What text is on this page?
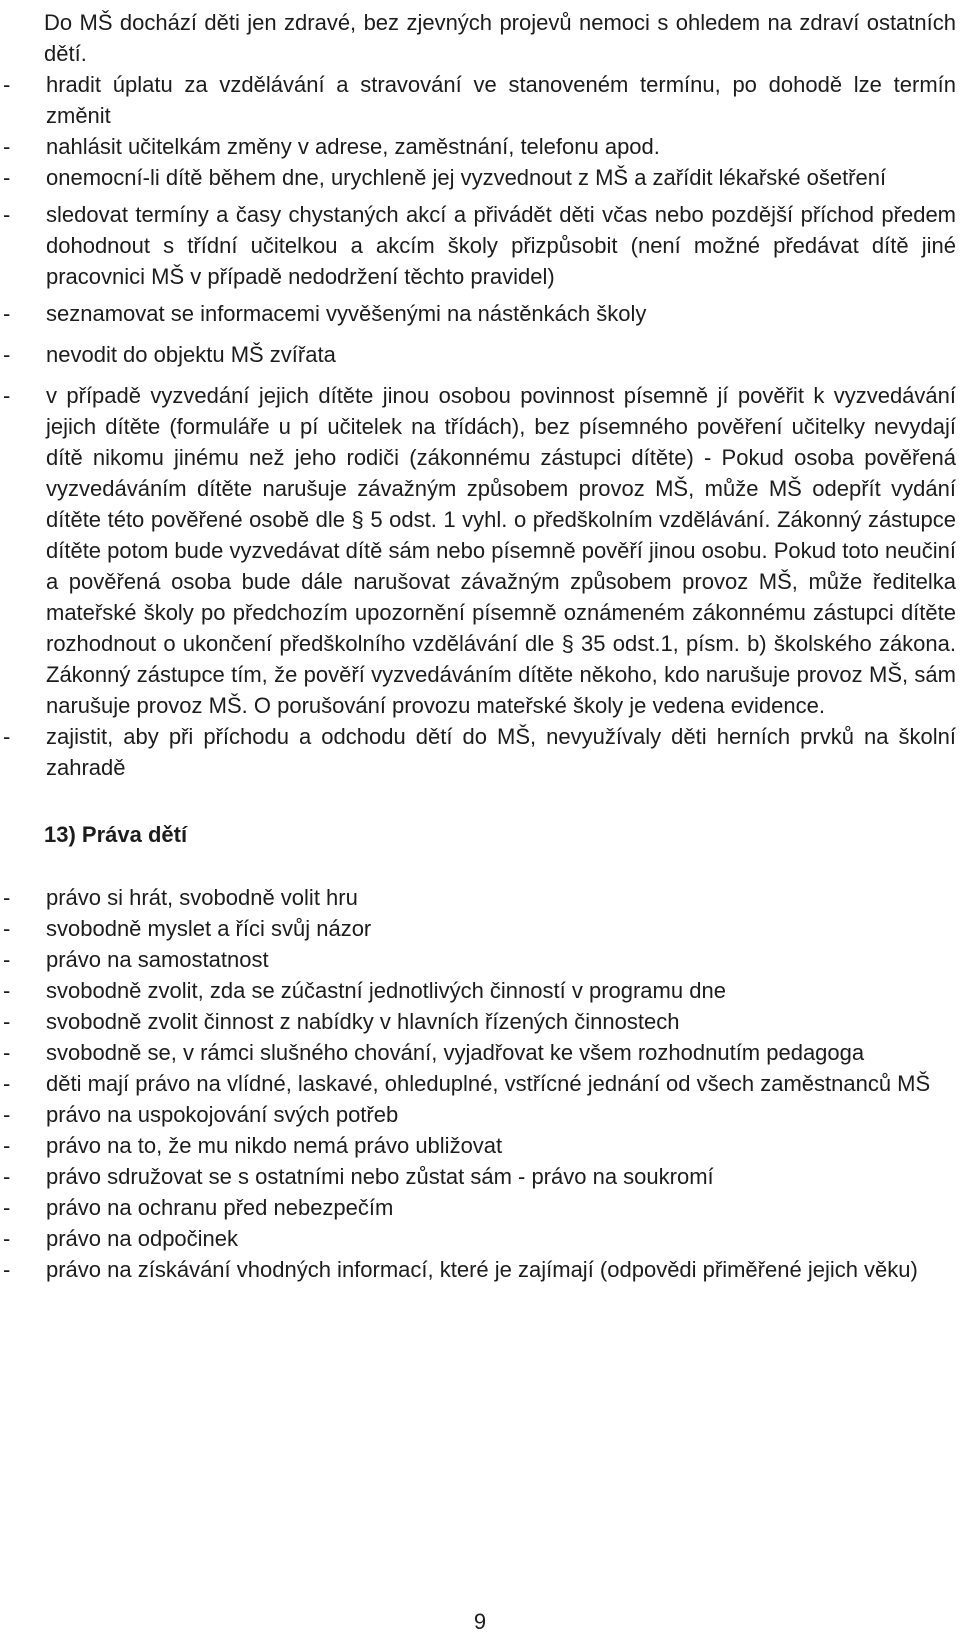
Do MŠ dochází děti jen zdravé, bez zjevných projevů nemoci s ohledem na zdraví ostatních dětí.
- hradit úplatu za vzdělávání a stravování ve stanoveném termínu, po dohodě lze termín změnit
- nahlásit učitelkám změny v adrese, zaměstnání, telefonu apod.
- onemocní-li dítě během dne, urychleně jej vyzvednout z MŠ a zařídit lékařské ošetření
- sledovat termíny a časy chystaných akcí a přivádět děti včas nebo pozdější příchod předem dohodnout s třídní učitelkou a akcím školy přizpůsobit (není možné předávat dítě jiné pracovnici MŠ v případě nedodržení těchto pravidel)
- seznamovat se informacemi vyvěšenými na nástěnkách školy
- nevodit do objektu MŠ zvířata
- v případě vyzvedání jejich dítěte jinou osobou povinnost písemně jí pověřit k vyzvedávání jejich dítěte (formuláře u pí učitelek na třídách), bez písemného pověření učitelky nevydají dítě nikomu jinému než jeho rodiči (zákonnému zástupci dítěte) - Pokud osoba pověřená vyzvedáváním dítěte narušuje závažným způsobem provoz MŠ, může MŠ odepřít vydání dítěte této pověřené osobě dle § 5 odst. 1 vyhl. o předškolním vzdělávání. Zákonný zástupce dítěte potom bude vyzvedávat dítě sám nebo písemně pověří jinou osobu. Pokud toto neučiní a pověřená osoba bude dále narušovat závažným způsobem provoz MŠ, může ředitelka mateřské školy po předchozím upozornění písemně oznámeném zákonnému zástupci dítěte rozhodnout o ukončení předškolního vzdělávání dle § 35 odst.1, písm. b) školského zákona. Zákonný zástupce tím, že pověří vyzvedáváním dítěte někoho, kdo narušuje provoz MŠ, sám narušuje provoz MŠ. O porušování provozu mateřské školy je vedena evidence.
- zajistit, aby při příchodu a odchodu dětí do MŠ, nevyužívaly děti herních prvků na školní zahradě
13) Práva dětí
- právo si hrát, svobodně volit hru
- svobodně myslet a říci svůj názor
- právo na samostatnost
- svobodně zvolit, zda se zúčastní jednotlivých činností v programu dne
- svobodně zvolit činnost z nabídky v hlavních řízených činnostech
- svobodně se, v rámci slušného chování, vyjadřovat ke všem rozhodnutím pedagoga
- děti mají právo na vlídné, laskavé, ohleduplné, vstřícné jednání od všech zaměstnanců MŠ
- právo na uspokojování svých potřeb
- právo na to, že mu nikdo nemá právo ubližovat
- právo sdružovat se s ostatními nebo zůstat sám - právo na soukromí
- právo na ochranu před nebezpečím
- právo na odpočinek
- právo na získávání vhodných informací, které je zajímají (odpovědi přiměřené jejich věku)
9
